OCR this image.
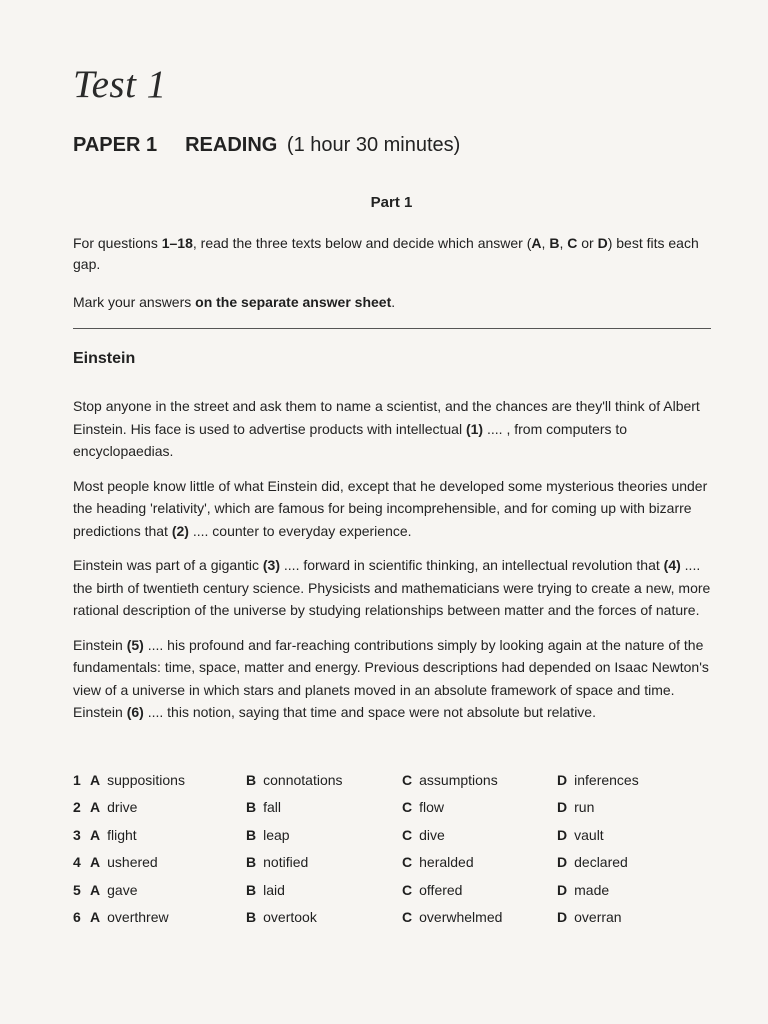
Test 1
PAPER 1 READING (1 hour 30 minutes)
Part 1

For questions 1–18, read the three texts below and decide which answer (A, B, C or D) best fits each gap.

Mark your answers on the separate answer sheet.

Einstein

Stop anyone in the street and ask them to name a scientist, and the chances are they'll think of Albert Einstein. His face is used to advertise products with intellectual (1) .... , from computers to encyclopaedias.

Most people know little of what Einstein did, except that he developed some mysterious theories under the heading 'relativity', which are famous for being incomprehensible, and for coming up with bizarre predictions that (2) .... counter to everyday experience.

Einstein was part of a gigantic (3) .... forward in scientific thinking, an intellectual revolution that (4) .... the birth of twentieth century science. Physicists and mathematicians were trying to create a new, more rational description of the universe by studying relationships between matter and the forces of nature.

Einstein (5) .... his profound and far-reaching contributions simply by looking again at the nature of the fundamentals: time, space, matter and energy. Previous descriptions had depended on Isaac Newton's view of a universe in which stars and planets moved in an absolute framework of space and time. Einstein (6) .... this notion, saying that time and space were not absolute but relative.

1 A suppositions	B connotations	C assumptions	D inferences
2 A drive	B fall	C flow	D run
3 A flight	B leap	C dive	D vault
4 A ushered	B notified	C heralded	D declared
5 A gave	B laid	C offered	D made
6 A overthrew	B overtook	C overwhelmed	D overran
